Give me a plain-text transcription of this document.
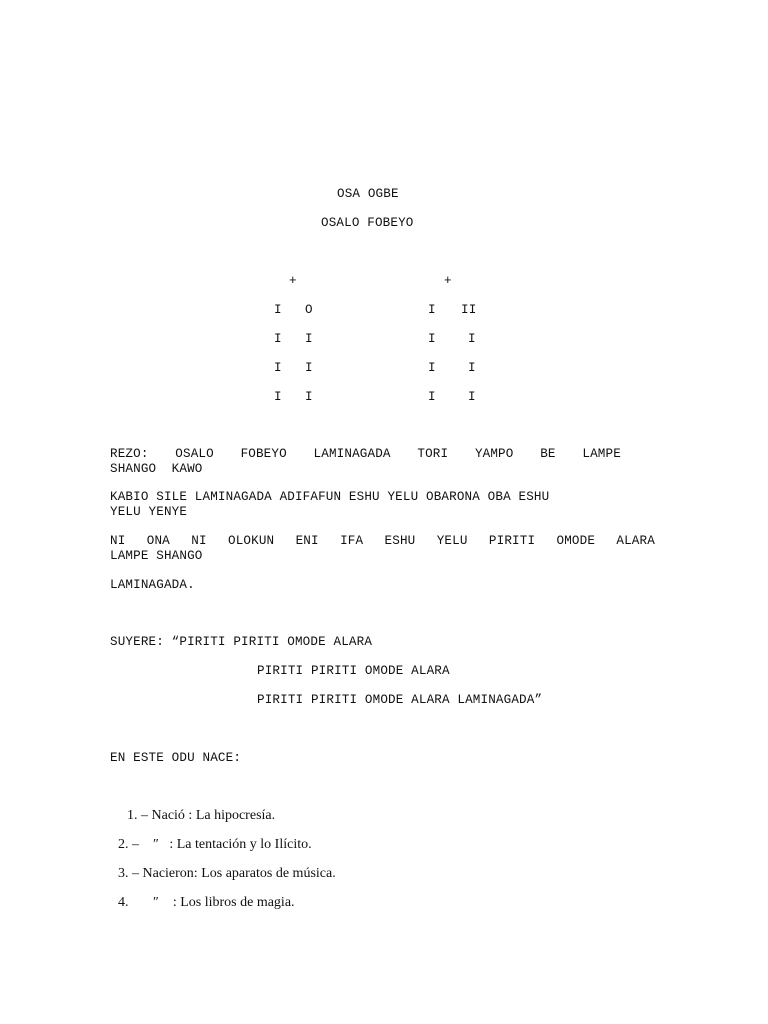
OSA OGBE
OSALO FOBEYO
+
I O
I I
I I
I I
+
I II
I	I
I	I
I	I
REZO: OSALO FOBEYO LAMINAGADA TORI YAMPO BE LAMPE
SHANGO  KAWO
KABIO SILE LAMINAGADA ADIFAFUN ESHU YELU OBARONA OBA ESHU
YELU YENYE
NI ONA NI OLOKUN ENI IFA ESHU YELU PIRITI OMODE ALARA
LAMPE SHANGO
LAMINAGADA.
SUYERE: “PIRITI PIRITI OMODE ALARA
PIRITI PIRITI OMODE ALARA
PIRITI PIRITI OMODE ALARA LAMINAGADA”
EN ESTE ODU NACE:
1. – Nació : La hipocresía.
2. –    ″   : La tentación y lo Ilícito.
3. – Nacieron: Los aparatos de música.
4.       ″    : Los libros de magia.
